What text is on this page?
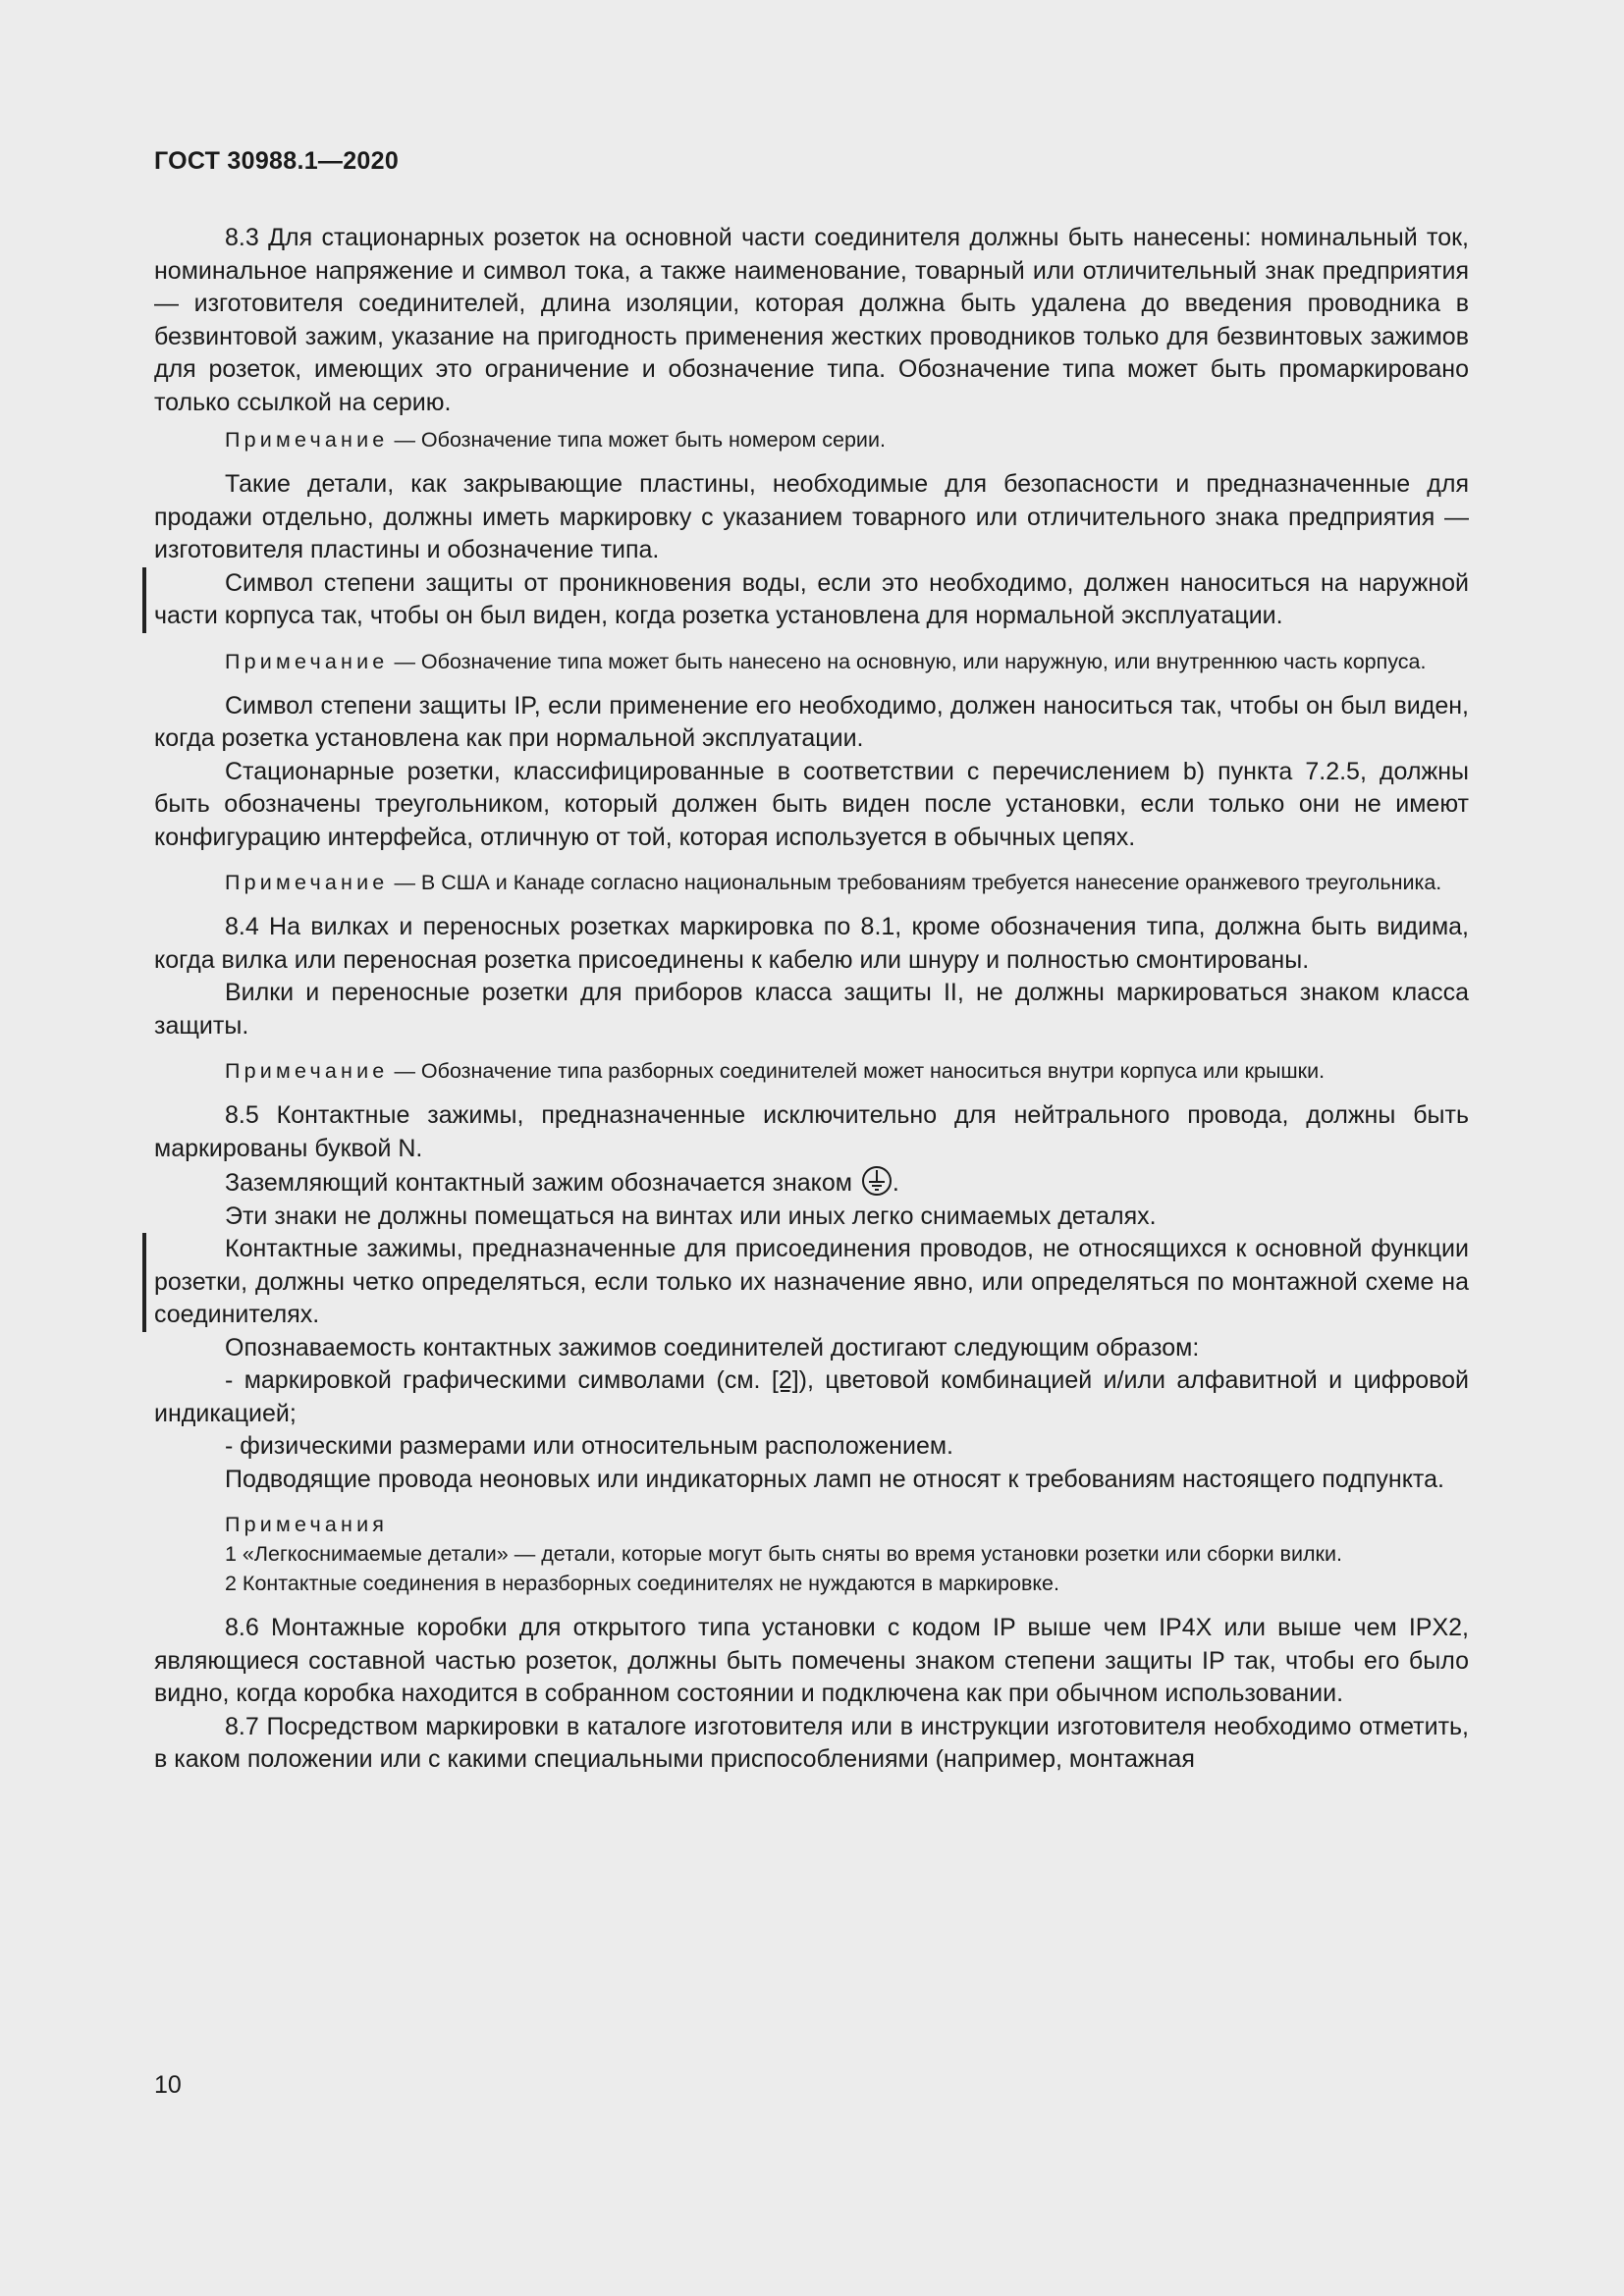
ГОСТ 30988.1—2020

8.3 Для стационарных розеток на основной части соединителя должны быть нанесены: номинальный ток, номинальное напряжение и символ тока, а также наименование, товарный или отличительный знак предприятия — изготовителя соединителей, длина изоляции, которая должна быть удалена до введения проводника в безвинтовой зажим, указание на пригодность применения жестких проводников только для безвинтовых зажимов для розеток, имеющих это ограничение и обозначение типа. Обозначение типа может быть промаркировано только ссылкой на серию.

Примечание — Обозначение типа может быть номером серии.

Такие детали, как закрывающие пластины, необходимые для безопасности и предназначенные для продажи отдельно, должны иметь маркировку с указанием товарного или отличительного знака предприятия — изготовителя пластины и обозначение типа.

Символ степени защиты от проникновения воды, если это необходимо, должен наноситься на наружной части корпуса так, чтобы он был виден, когда розетка установлена для нормальной эксплуатации.

Примечание — Обозначение типа может быть нанесено на основную, или наружную, или внутреннюю часть корпуса.

Символ степени защиты IP, если применение его необходимо, должен наноситься так, чтобы он был виден, когда розетка установлена как при нормальной эксплуатации.

Стационарные розетки, классифицированные в соответствии с перечислением b) пункта 7.2.5, должны быть обозначены треугольником, который должен быть виден после установки, если только они не имеют конфигурацию интерфейса, отличную от той, которая используется в обычных цепях.

Примечание — В США и Канаде согласно национальным требованиям требуется нанесение оранжевого треугольника.

8.4 На вилках и переносных розетках маркировка по 8.1, кроме обозначения типа, должна быть видима, когда вилка или переносная розетка присоединены к кабелю или шнуру и полностью смонтированы.

Вилки и переносные розетки для приборов класса защиты II, не должны маркироваться знаком класса защиты.

Примечание — Обозначение типа разборных соединителей может наноситься внутри корпуса или крышки.

8.5 Контактные зажимы, предназначенные исключительно для нейтрального провода, должны быть маркированы буквой N.

Заземляющий контактный зажим обозначается знаком .

Эти знаки не должны помещаться на винтах или иных легко снимаемых деталях.

Контактные зажимы, предназначенные для присоединения проводов, не относящихся к основной функции розетки, должны четко определяться, если только их назначение явно, или определяться по монтажной схеме на соединителях.

Опознаваемость контактных зажимов соединителей достигают следующим образом:

- маркировкой графическими символами (см. [2]), цветовой комбинацией и/или алфавитной и цифровой индикацией;

- физическими размерами или относительным расположением.

Подводящие провода неоновых или индикаторных ламп не относят к требованиям настоящего подпункта.

Примечания

1 «Легкоснимаемые детали» — детали, которые могут быть сняты во время установки розетки или сборки вилки.

2 Контактные соединения в неразборных соединителях не нуждаются в маркировке.

8.6 Монтажные коробки для открытого типа установки с кодом IP выше чем IP4X или выше чем IPX2, являющиеся составной частью розеток, должны быть помечены знаком степени защиты IP так, чтобы его было видно, когда коробка находится в собранном состоянии и подключена как при обычном использовании.

8.7 Посредством маркировки в каталоге изготовителя или в инструкции изготовителя необходимо отметить, в каком положении или с какими специальными приспособлениями (например, монтажная

10
